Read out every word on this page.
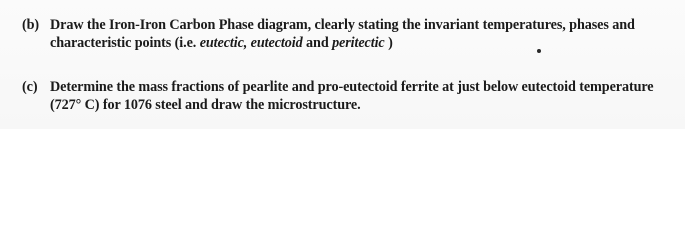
(b) Draw the Iron-Iron Carbon Phase diagram, clearly stating the invariant temperatures, phases and
characteristic points (i.e. eutectic, eutectoid and peritectic )
(c) Determine the mass fractions of pearlite and pro-eutectoid ferrite at just below eutectoid temperature
(727° C) for 1076 steel and draw the microstructure.
